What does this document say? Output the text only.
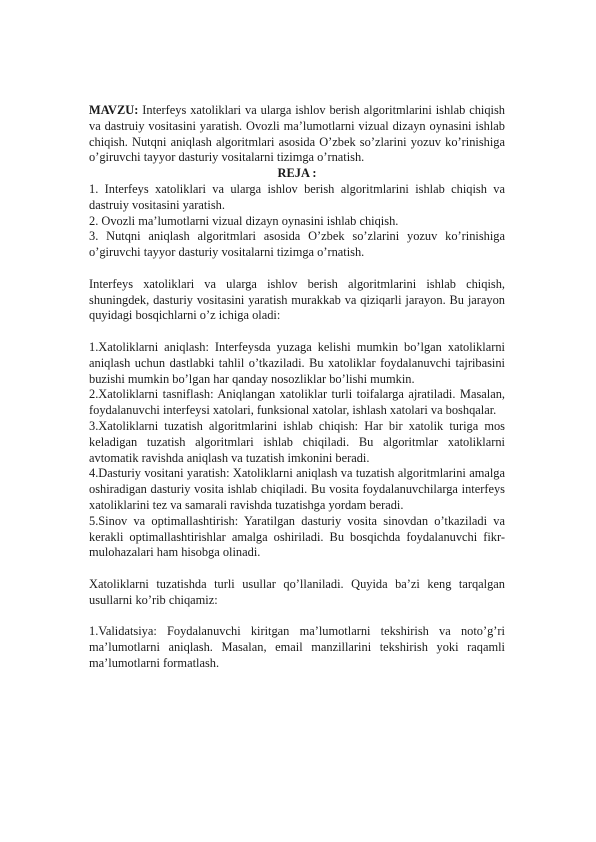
MAVZU: Interfeys xatoliklari va ularga ishlov berish algoritmlarini ishlab chiqish va dastruiy vositasini yaratish. Ovozli ma’lumotlarni vizual dizayn oynasini ishlab chiqish. Nutqni aniqlash algoritmlari asosida O’zbek so’zlarini yozuv ko’rinishiga o’giruvchi tayyor dasturiy vositalarni tizimga o’rnatish.

REJA :

1. Interfeys xatoliklari va ularga ishlov berish algoritmlarini ishlab chiqish va dastruiy vositasini yaratish.

2. Ovozli ma’lumotlarni vizual dizayn oynasini ishlab chiqish.

3. Nutqni aniqlash algoritmlari asosida O’zbek so’zlarini yozuv ko’rinishiga o’giruvchi tayyor dasturiy vositalarni tizimga o’rnatish.

Interfeys xatoliklari va ularga ishlov berish algoritmlarini ishlab chiqish, shuningdek, dasturiy vositasini yaratish murakkab va qiziqarli jarayon. Bu jarayon quyidagi bosqichlarni o’z ichiga oladi:

1.Xatoliklarni aniqlash: Interfeysda yuzaga kelishi mumkin bo’lgan xatoliklarni aniqlash uchun dastlabki tahlil o’tkaziladi. Bu xatoliklar foydalanuvchi tajribasini buzishi mumkin bo’lgan har qanday nosozliklar bo’lishi mumkin.

2.Xatoliklarni tasniflash: Aniqlangan xatoliklar turli toifalarga ajratiladi. Masalan, foydalanuvchi interfeysi xatolari, funksional xatolar, ishlash xatolari va boshqalar.

3.Xatoliklarni tuzatish algoritmlarini ishlab chiqish: Har bir xatolik turiga mos keladigan tuzatish algoritmlari ishlab chiqiladi. Bu algoritmlar xatoliklarni avtomatik ravishda aniqlash va tuzatish imkonini beradi.

4.Dasturiy vositani yaratish: Xatoliklarni aniqlash va tuzatish algoritmlarini amalga oshiradigan dasturiy vosita ishlab chiqiladi. Bu vosita foydalanuvchilarga interfeys xatoliklarini tez va samarali ravishda tuzatishga yordam beradi.

5.Sinov va optimallashtirish: Yaratilgan dasturiy vosita sinovdan o’tkaziladi va kerakli optimallashtirishlar amalga oshiriladi. Bu bosqichda foydalanuvchi fikr-mulohazalari ham hisobga olinadi.

Xatoliklarni tuzatishda turli usullar qo’llaniladi. Quyida ba’zi keng tarqalgan usullarni ko’rib chiqamiz:

1.Validatsiya: Foydalanuvchi kiritgan ma’lumotlarni tekshirish va noto’g’ri ma’lumotlarni aniqlash. Masalan, email manzillarini tekshirish yoki raqamli ma’lumotlarni formatlash.
